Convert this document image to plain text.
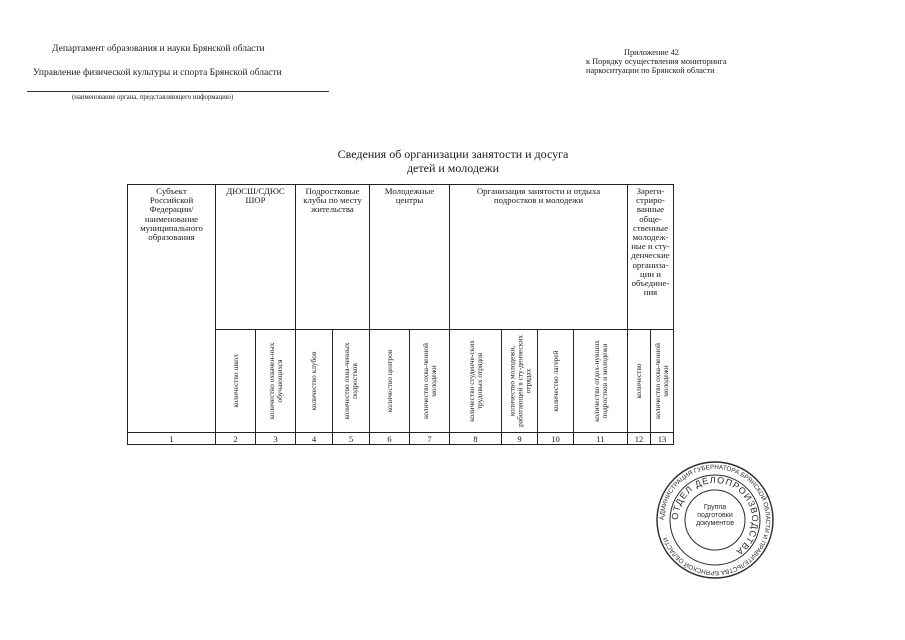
Департамент образования и науки Брянской области
Управление физической культуры и спорта Брянской области
(наименование органа, представляющего информацию)
Приложение 42
к Порядку осуществления мониторинга
наркоситуации по Брянской области
Сведения об организации занятости и досуга
детей и молодежи
Субъект Российской Федерации/ наименование муниципального образования	ДЮСШ/СДЮС ШОР		Подростковые клубы по месту жительства		Молодежные центры		Организация занятости и отдыха подростков и молодежи				Зареги-стриро-ванные обще-ственные молодеж-ные и сту-денческие организа-ции и объедине-ния	

	количество школ	количество охвачен-ных обучающихся	количество клубов	количество охва-ченных подростков	количество центров	количество охва-ченной молодежи	количество студенче-ских трудовых отрядов	количество молодежи, работающей в сту-денческих отрядах	количество лагерей	количество отдох-нувших подростков и молодежи	количество	количество охва-ченной молодежи

1	2	3	4	5	6	7	8	9	10	11	12	13
АДМИНИСТРАЦИЯ ГУБЕРНАТОРА БРЯНСКОЙ ОБЛАСТИ И ПРАВИТЕЛЬСТВА БРЯНСКОЙ ОБЛАСТИ
ОТДЕЛ ДЕЛОПРОИЗВОДСТВА
Группа подготовки документов
